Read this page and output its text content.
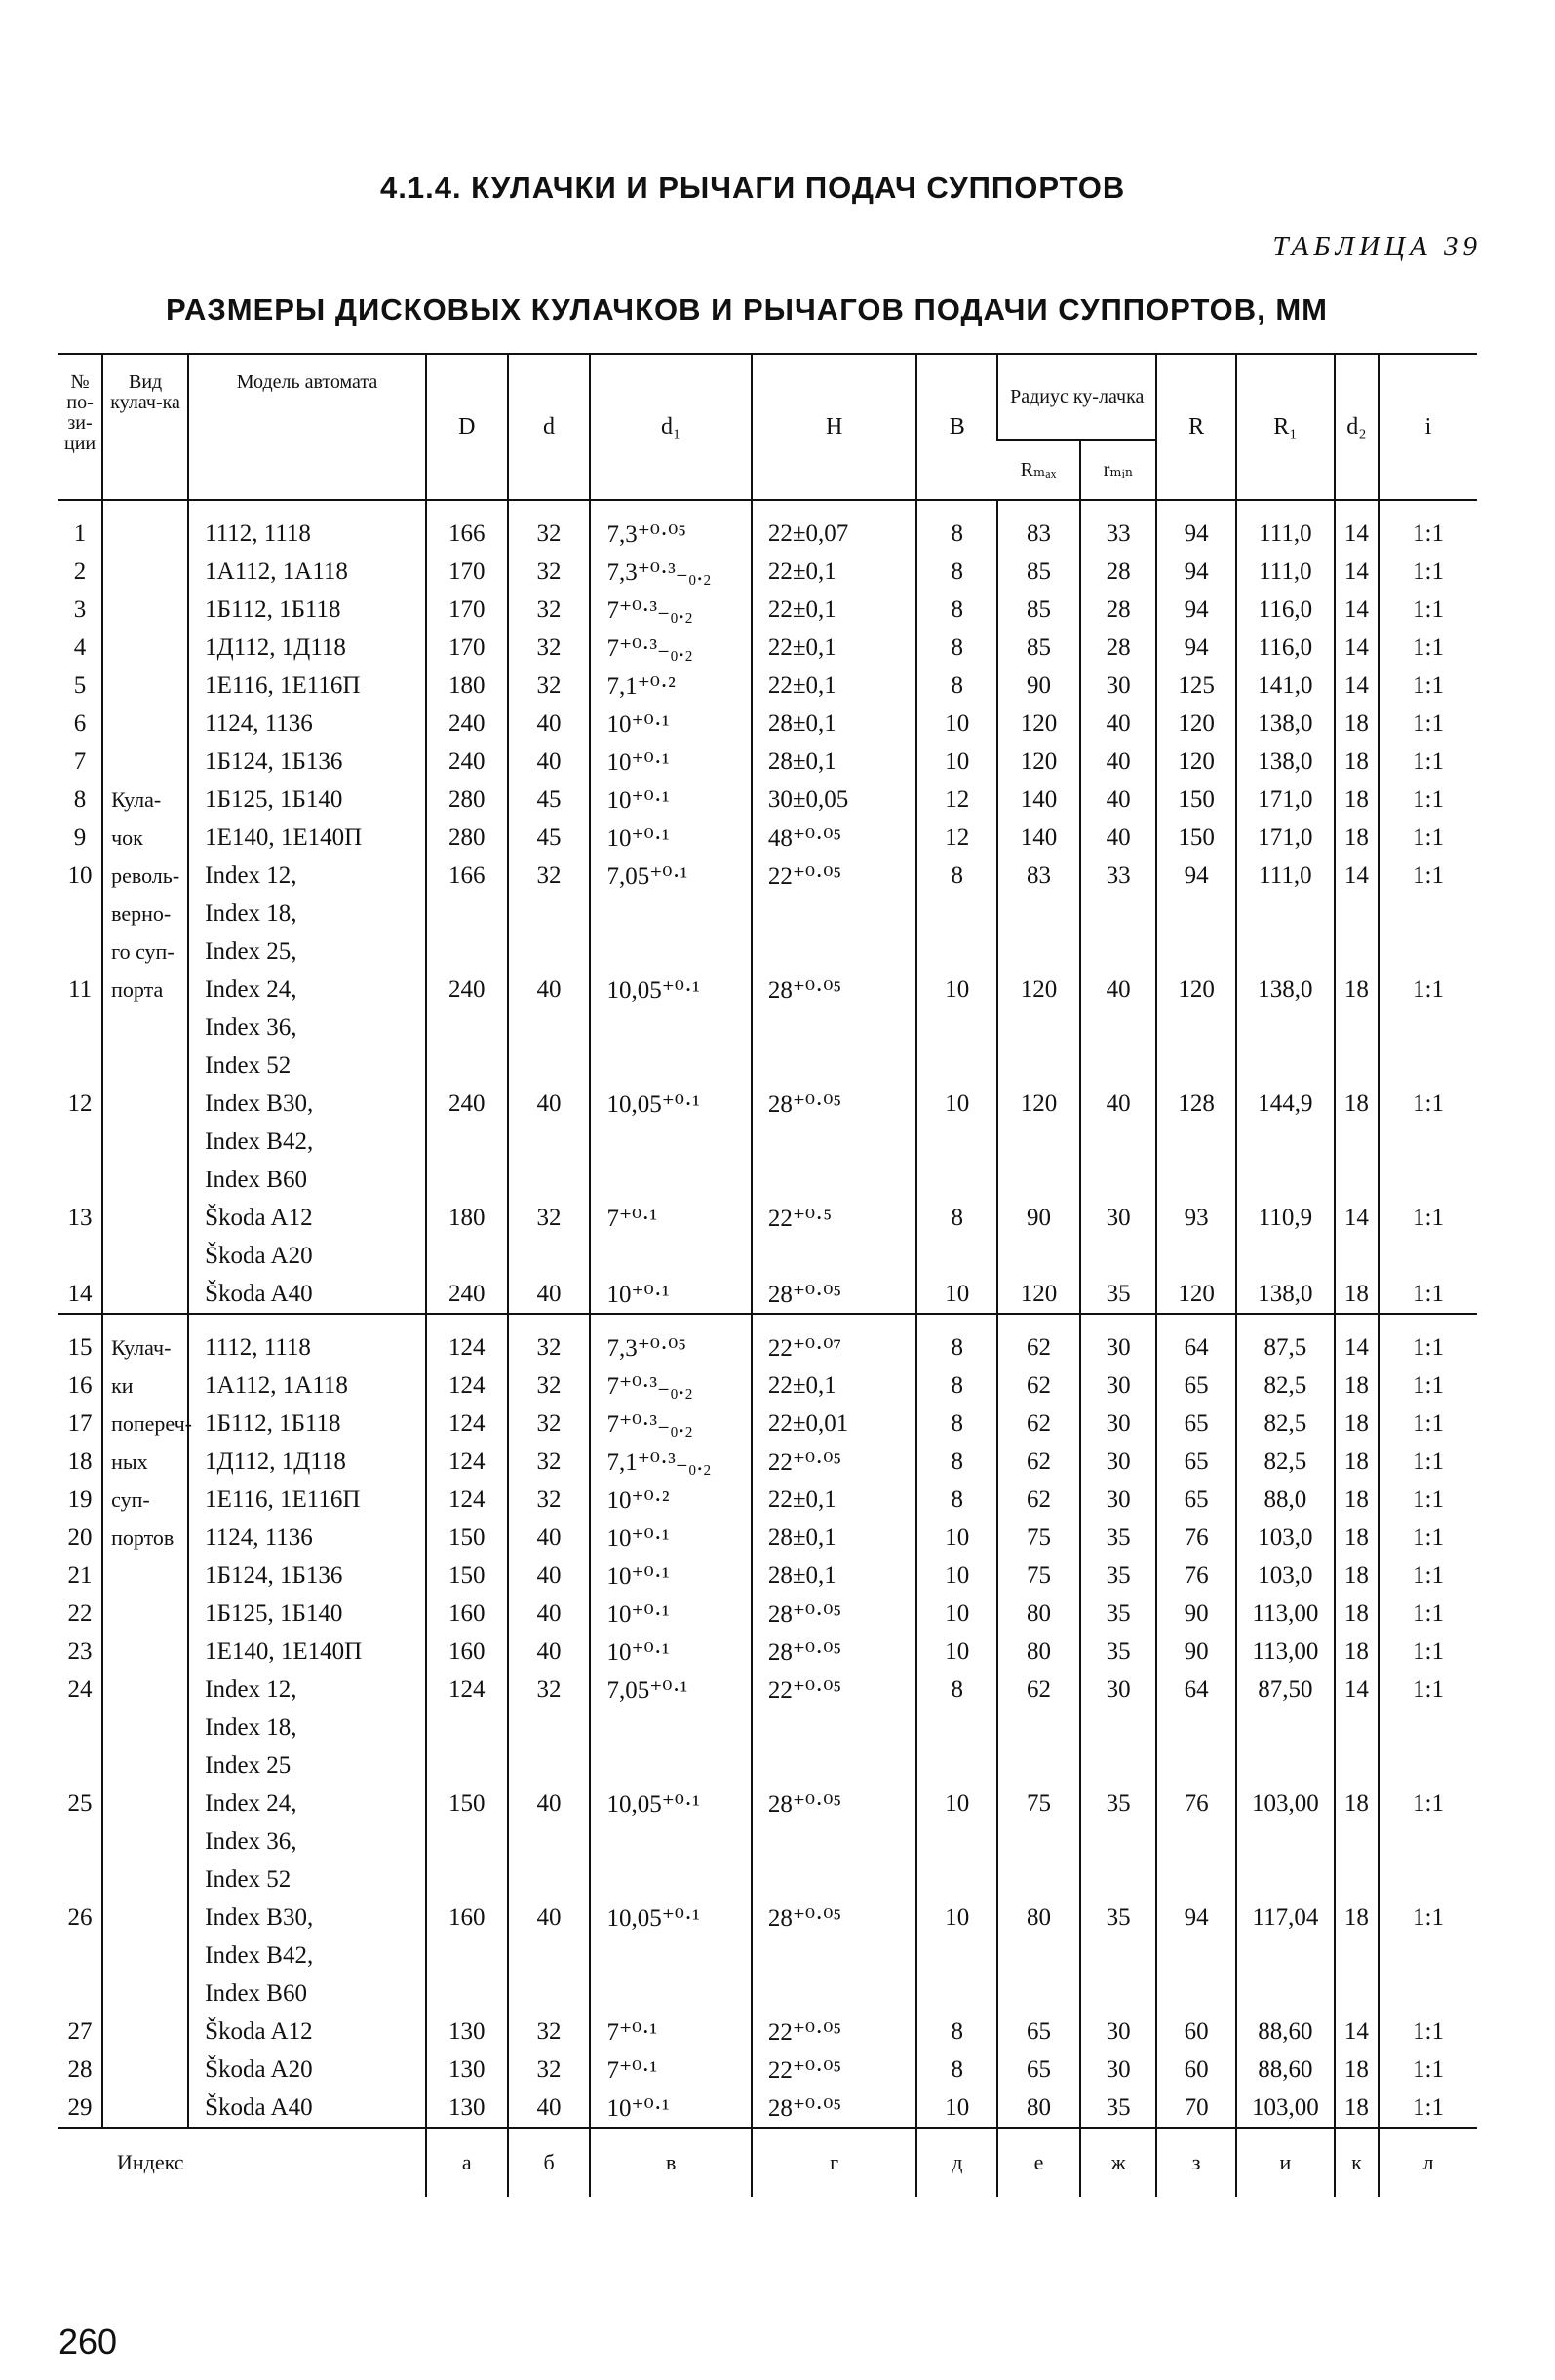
4.1.4. КУЛАЧКИ И РЫЧАГИ ПОДАЧ СУППОРТОВ
ТАБЛИЦА 39
РАЗМЕРЫ ДИСКОВЫХ КУЛАЧКОВ И РЫЧАГОВ ПОДАЧИ СУППОРТОВ, ММ
№ по-зи-ции	Вид кулач-ка	Модель автомата	D	d	d₁	H	B	Радиус ку-лачка		R	R₁	d₂	i
								Rₘₐₓ	rₘᵢₙ				

1	Кула-чок револь-верно-го суп-порта	1112, 1118	166	32	7,3⁺⁰·⁰⁵	22±0,07	8	83	33	94	111,0	14	1:1
2		1А112, 1А118	170	32	7,3⁺⁰·³₋₀.₂	22±0,1	8	85	28	94	111,0	14	1:1
3		1Б112, 1Б118	170	32	7⁺⁰·³₋₀.₂	22±0,1	8	85	28	94	116,0	14	1:1
4		1Д112, 1Д118	170	32	7⁺⁰·³₋₀.₂	22±0,1	8	85	28	94	116,0	14	1:1
5		1Е116, 1Е116П	180	32	7,1⁺⁰·²	22±0,1	8	90	30	125	141,0	14	1:1
6		1124, 1136	240	40	10⁺⁰·¹	28±0,1	10	120	40	120	138,0	18	1:1
7		1Б124, 1Б136	240	40	10⁺⁰·¹	28±0,1	10	120	40	120	138,0	18	1:1
8		1Б125, 1Б140	280	45	10⁺⁰·¹	30±0,05	12	140	40	150	171,0	18	1:1
9		1Е140, 1Е140П	280	45	10⁺⁰·¹	48⁺⁰·⁰⁵	12	140	40	150	171,0	18	1:1
10		Index 12,	166	32	7,05⁺⁰·¹	22⁺⁰·⁰⁵	8	83	33	94	111,0	14	1:1
		Index 18,											
		Index 25,											
11		Index 24,	240	40	10,05⁺⁰·¹	28⁺⁰·⁰⁵	10	120	40	120	138,0	18	1:1
		Index 36,											
		Index 52											
12		Index B30,	240	40	10,05⁺⁰·¹	28⁺⁰·⁰⁵	10	120	40	128	144,9	18	1:1
		Index B42,											
		Index B60											
13		Škoda A12	180	32	7⁺⁰·¹	22⁺⁰·⁵	8	90	30	93	110,9	14	1:1
		Škoda A20											
14		Škoda A40	240	40	10⁺⁰·¹	28⁺⁰·⁰⁵	10	120	35	120	138,0	18	1:1

15	Кулач-ки попереч-ных суп-портов	1112, 1118	124	32	7,3⁺⁰·⁰⁵	22⁺⁰·⁰⁷	8	62	30	64	87,5	14	1:1
16		1А112, 1А118	124	32	7⁺⁰·³₋₀.₂	22±0,1	8	62	30	65	82,5	18	1:1
17		1Б112, 1Б118	124	32	7⁺⁰·³₋₀.₂	22±0,01	8	62	30	65	82,5	18	1:1
18		1Д112, 1Д118	124	32	7,1⁺⁰·³₋₀.₂	22⁺⁰·⁰⁵	8	62	30	65	82,5	18	1:1
19		1Е116, 1Е116П	124	32	10⁺⁰·²	22±0,1	8	62	30	65	88,0	18	1:1
20		1124, 1136	150	40	10⁺⁰·¹	28±0,1	10	75	35	76	103,0	18	1:1
21		1Б124, 1Б136	150	40	10⁺⁰·¹	28±0,1	10	75	35	76	103,0	18	1:1
22		1Б125, 1Б140	160	40	10⁺⁰·¹	28⁺⁰·⁰⁵	10	80	35	90	113,00	18	1:1
23		1Е140, 1Е140П	160	40	10⁺⁰·¹	28⁺⁰·⁰⁵	10	80	35	90	113,00	18	1:1
24		Index 12,	124	32	7,05⁺⁰·¹	22⁺⁰·⁰⁵	8	62	30	64	87,50	14	1:1
		Index 18,											
		Index 25											
25		Index 24,	150	40	10,05⁺⁰·¹	28⁺⁰·⁰⁵	10	75	35	76	103,00	18	1:1
		Index 36,											
		Index 52											
26		Index B30,	160	40	10,05⁺⁰·¹	28⁺⁰·⁰⁵	10	80	35	94	117,04	18	1:1
		Index B42,											
		Index B60											
27		Škoda A12	130	32	7⁺⁰·¹	22⁺⁰·⁰⁵	8	65	30	60	88,60	14	1:1
28		Škoda A20	130	32	7⁺⁰·¹	22⁺⁰·⁰⁵	8	65	30	60	88,60	18	1:1
29		Škoda A40	130	40	10⁺⁰·¹	28⁺⁰·⁰⁵	10	80	35	70	103,00	18	1:1
Индекс			а	б	в	г	д	е	ж	з	и	к	л
260
